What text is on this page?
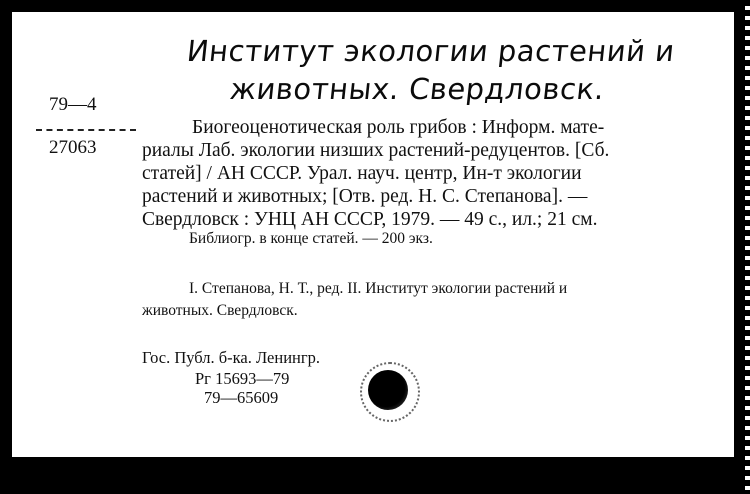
Институт экологии растений и
животных. Свердловск.
79—4
27063
Биогеоценотическая роль грибов : Информ. мате-
риалы Лаб. экологии низших растений-редуцентов. [Сб.
статей] / АН СССР. Урал. науч. центр, Ин-т экологии
растений и животных; [Отв. ред. Н. С. Степанова]. —
Свердловск : УНЦ АН СССР, 1979. — 49 с., ил.; 21 см.
Библиогр. в конце статей. — 200 экз.
I. Степанова, Н. Т., ред. II. Институт экологии растений и
животных. Свердловск.
Гос. Публ. б-ка. Ленингр.
Рг 15693—79
79—65609
